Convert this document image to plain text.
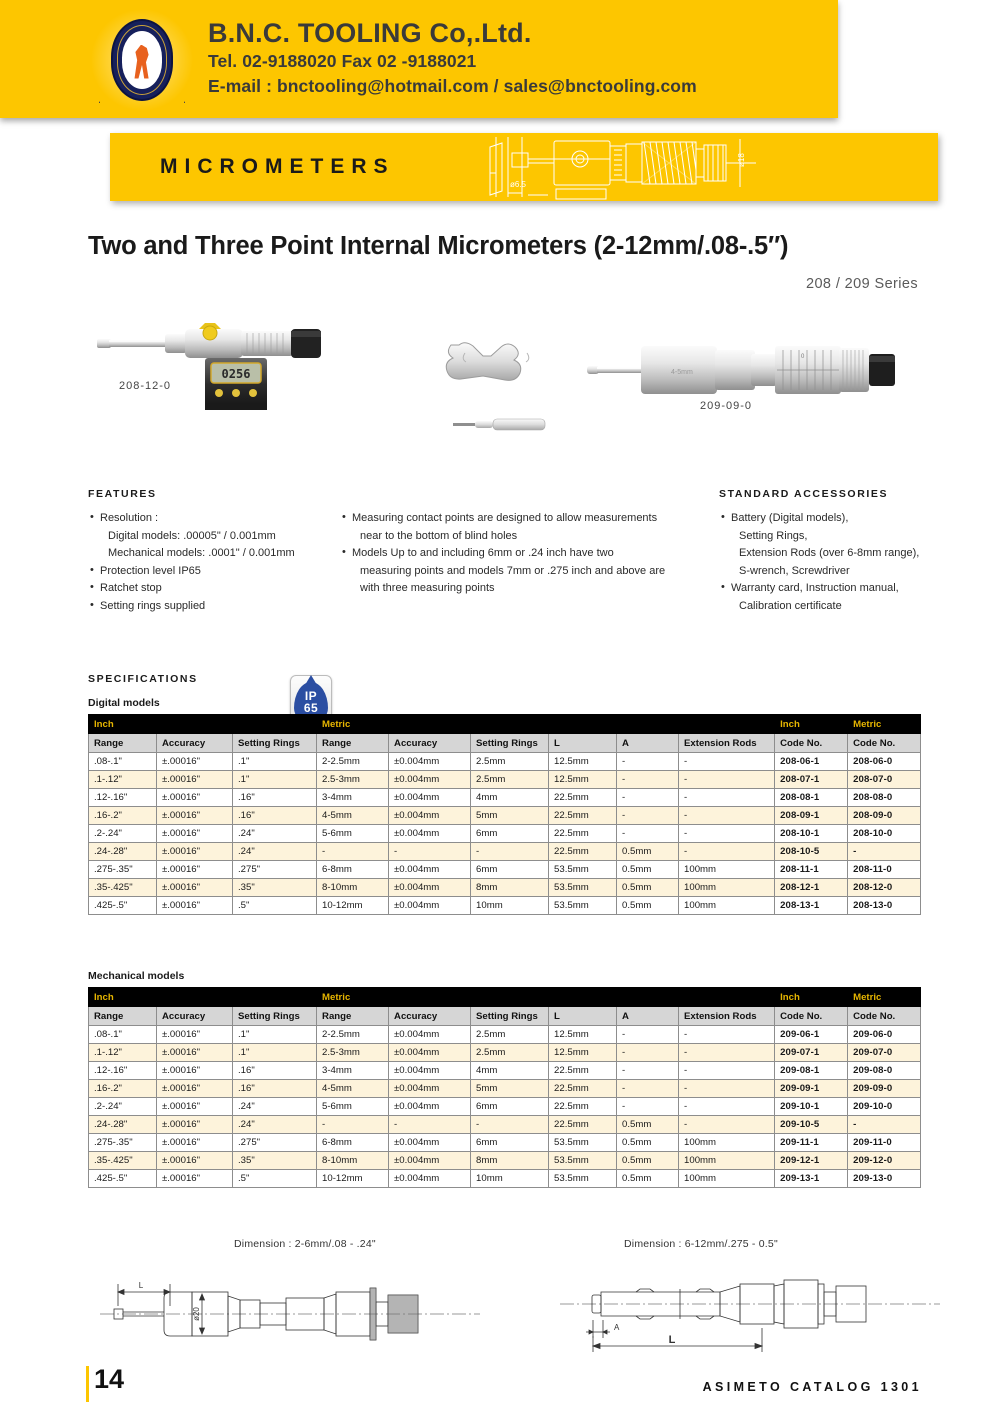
B.N.C. TOOLING Co,.Ltd.
Tel. 02-9188020 Fax 02 -9188021
E-mail : bnctooling@hotmail.com / sales@bnctooling.com
MICROMETERS
ø6.5
ø18
Two and Three Point Internal Micrometers (2-12mm/.08-.5″)
208 / 209 Series
0256
208-12-0
IP
65
4-5mm
0
209-09-0
FEATURES
• Resolution :
Digital models: .00005" / 0.001mm
Mechanical models: .0001" / 0.001mm
• Protection level IP65
• Ratchet stop
• Setting rings supplied
• Measuring contact points are designed to allow measurements
near to the bottom of blind holes
• Models Up to and including 6mm or .24 inch have two
measuring points and models 7mm or .275 inch and above are
with three measuring points
STANDARD ACCESSORIES
• Battery (Digital models),
Setting Rings,
Extension Rods (over 6-8mm range),
S-wrench, Screwdriver
• Warranty card, Instruction manual,
Calibration certificate
SPECIFICATIONS
Digital models
Inch			Metric						Inch	Metric
Range	Accuracy	Setting Rings	Range	Accuracy	Setting Rings	L	A	Extension Rods	Code No.	Code No.
.08-.1"	±.00016"	.1"	2-2.5mm	±0.004mm	2.5mm	12.5mm	-	-	208-06-1	208-06-0
.1-.12"	±.00016"	.1"	2.5-3mm	±0.004mm	2.5mm	12.5mm	-	-	208-07-1	208-07-0
.12-.16"	±.00016"	.16"	3-4mm	±0.004mm	4mm	22.5mm	-	-	208-08-1	208-08-0
.16-.2"	±.00016"	.16"	4-5mm	±0.004mm	5mm	22.5mm	-	-	208-09-1	208-09-0
.2-.24"	±.00016"	.24"	5-6mm	±0.004mm	6mm	22.5mm	-	-	208-10-1	208-10-0
.24-.28"	±.00016"	.24"	-	-	-	22.5mm	0.5mm	-	208-10-5	-
.275-.35"	±.00016"	.275"	6-8mm	±0.004mm	6mm	53.5mm	0.5mm	100mm	208-11-1	208-11-0
.35-.425"	±.00016"	.35"	8-10mm	±0.004mm	8mm	53.5mm	0.5mm	100mm	208-12-1	208-12-0
.425-.5"	±.00016"	.5"	10-12mm	±0.004mm	10mm	53.5mm	0.5mm	100mm	208-13-1	208-13-0
Mechanical models
Inch			Metric						Inch	Metric
Range	Accuracy	Setting Rings	Range	Accuracy	Setting Rings	L	A	Extension Rods	Code No.	Code No.
.08-.1"	±.00016"	.1"	2-2.5mm	±0.004mm	2.5mm	12.5mm	-	-	209-06-1	209-06-0
.1-.12"	±.00016"	.1"	2.5-3mm	±0.004mm	2.5mm	12.5mm	-	-	209-07-1	209-07-0
.12-.16"	±.00016"	.16"	3-4mm	±0.004mm	4mm	22.5mm	-	-	209-08-1	209-08-0
.16-.2"	±.00016"	.16"	4-5mm	±0.004mm	5mm	22.5mm	-	-	209-09-1	209-09-0
.2-.24"	±.00016"	.24"	5-6mm	±0.004mm	6mm	22.5mm	-	-	209-10-1	209-10-0
.24-.28"	±.00016"	.24"	-	-	-	22.5mm	0.5mm	-	209-10-5	-
.275-.35"	±.00016"	.275"	6-8mm	±0.004mm	6mm	53.5mm	0.5mm	100mm	209-11-1	209-11-0
.35-.425"	±.00016"	.35"	8-10mm	±0.004mm	8mm	53.5mm	0.5mm	100mm	209-12-1	209-12-0
.425-.5"	±.00016"	.5"	10-12mm	±0.004mm	10mm	53.5mm	0.5mm	100mm	209-13-1	209-13-0
Dimension : 2-6mm/.08 - .24"
L
ø20
Dimension : 6-12mm/.275 - 0.5"
A
L
14	ASIMETO CATALOG 1301
